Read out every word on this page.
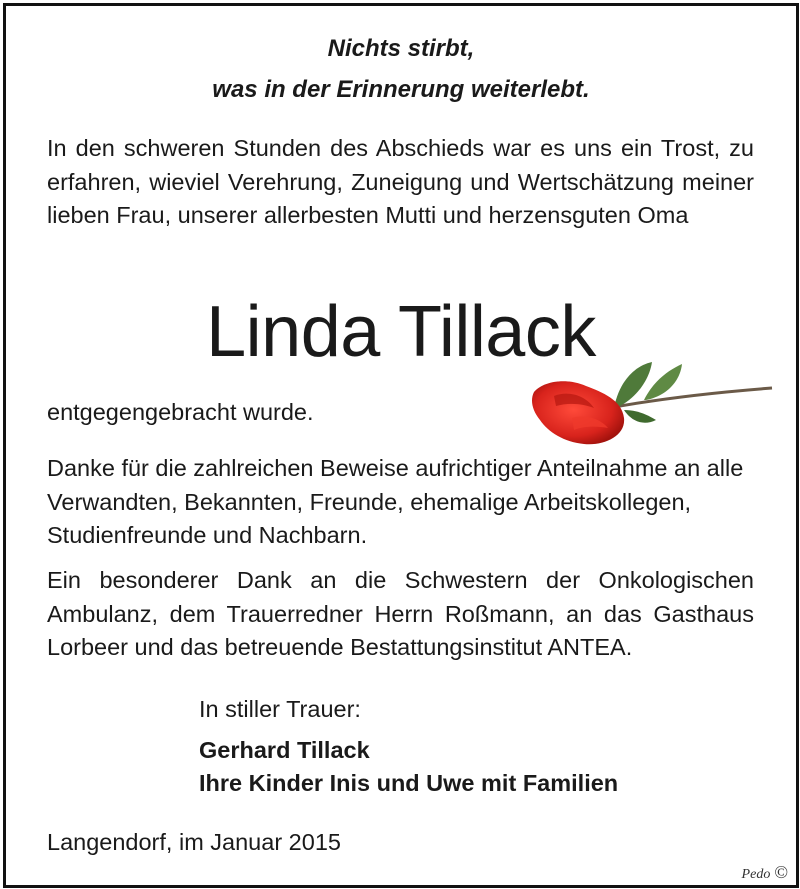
Nichts stirbt,
was in der Erinnerung weiterlebt.

In den schweren Stunden des Abschieds war es uns ein Trost, zu erfahren, wieviel Verehrung, Zuneigung und Wertschätzung meiner lieben Frau, unserer allerbesten Mutti und herzensguten Oma

Linda Tillack

entgegengebracht wurde.

Danke für die zahlreichen Beweise aufrichtiger Anteilnahme an alle Verwandten, Bekannten, Freunde, ehemalige Arbeitskollegen, Studienfreunde und Nachbarn.

Ein besonderer Dank an die Schwestern der Onkologischen Ambulanz, dem Trauerredner Herrn Roßmann, an das Gasthaus Lorbeer und das betreuende Bestattungsinstitut ANTEA.

In stiller Trauer:
Gerhard Tillack
Ihre Kinder Inis und Uwe mit Familien
Langendorf, im Januar 2015
Pedo ©
